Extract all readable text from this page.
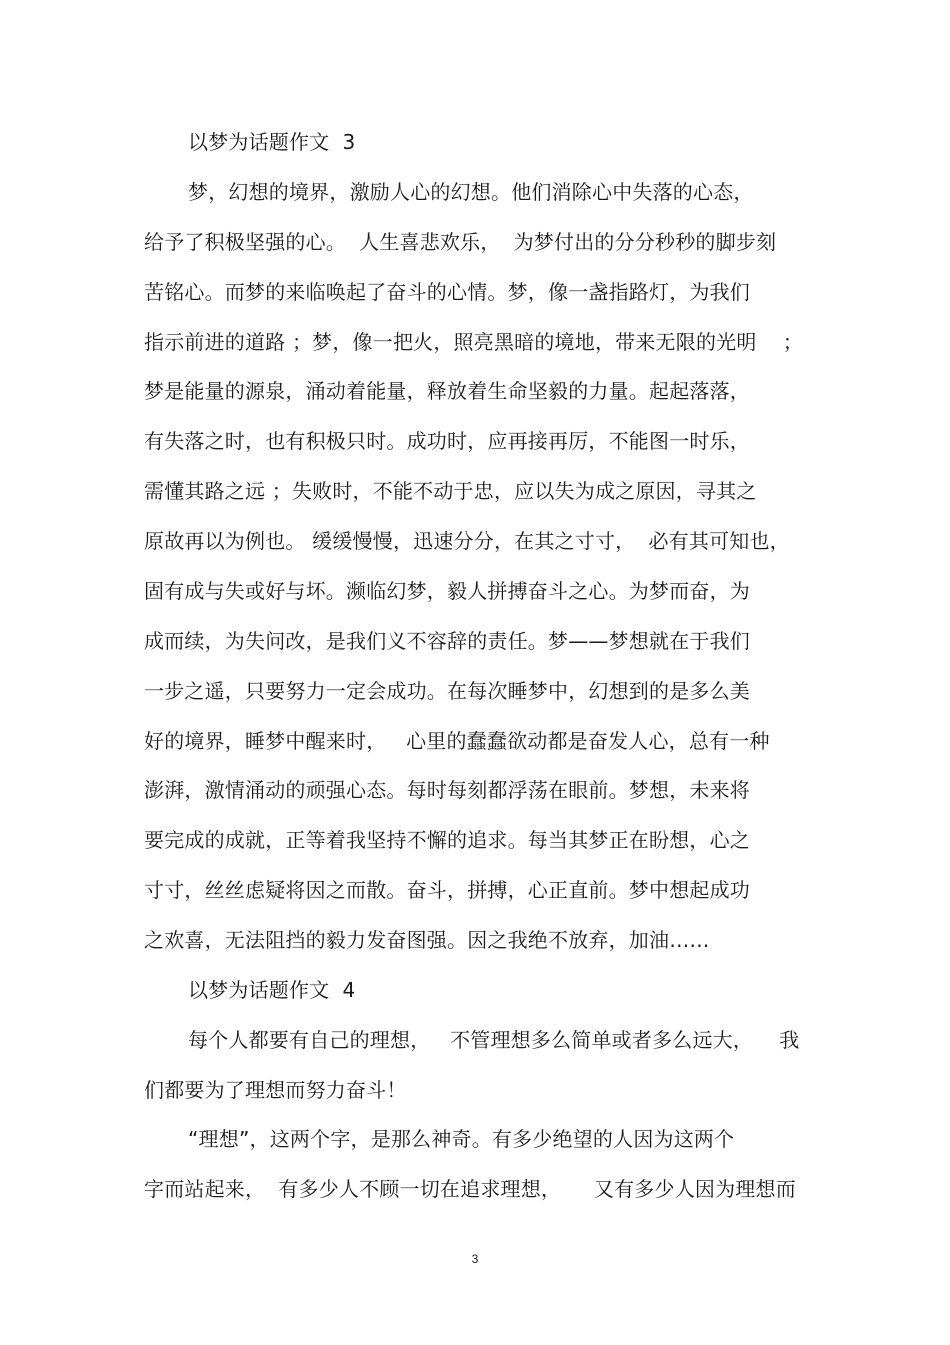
以梦为话题作文  3
梦，幻想的境界，激励人心的幻想。他们消除心中失落的心态，
给予了积极坚强的心。  人生喜悲欢乐，  为梦付出的分分秒秒的脚步刻
苦铭心。而梦的来临唤起了奋斗的心情。梦，像一盏指路灯，为我们
指示前进的道路 ；梦，像一把火，照亮黑暗的境地，带来无限的光明    ；
梦是能量的源泉，涌动着能量，释放着生命坚毅的力量。起起落落，
有失落之时，也有积极只时。成功时，应再接再厉，不能图一时乐，
需懂其路之远 ；失败时，不能不动于忠，应以失为成之原因，寻其之
原故再以为例也。 缓缓慢慢，迅速分分，在其之寸寸，  必有其可知也，
固有成与失或好与坏。濒临幻梦，毅人拼搏奋斗之心。为梦而奋，为
成而续，为失问改，是我们义不容辞的责任。梦——梦想就在于我们
一步之遥，只要努力一定会成功。在每次睡梦中，幻想到的是多么美
好的境界，睡梦中醒来时，   心里的蠢蠢欲动都是奋发人心，总有一种
澎湃，激情涌动的顽强心态。每时每刻都浮荡在眼前。梦想，未来将
要完成的成就，正等着我坚持不懈的追求。每当其梦正在盼想，心之
寸寸，丝丝虑疑将因之而散。奋斗，拼搏，心正直前。梦中想起成功
之欢喜，无法阻挡的毅力发奋图强。因之我绝不放弃，加油……
以梦为话题作文  4
每个人都要有自己的理想，   不管理想多么简单或者多么远大，    我
们都要为了理想而努力奋斗！
“理想”，这两个字，是那么神奇。有多少绝望的人因为这两个
字而站起来，  有多少人不顾一切在追求理想，     又有多少人因为理想而
3
